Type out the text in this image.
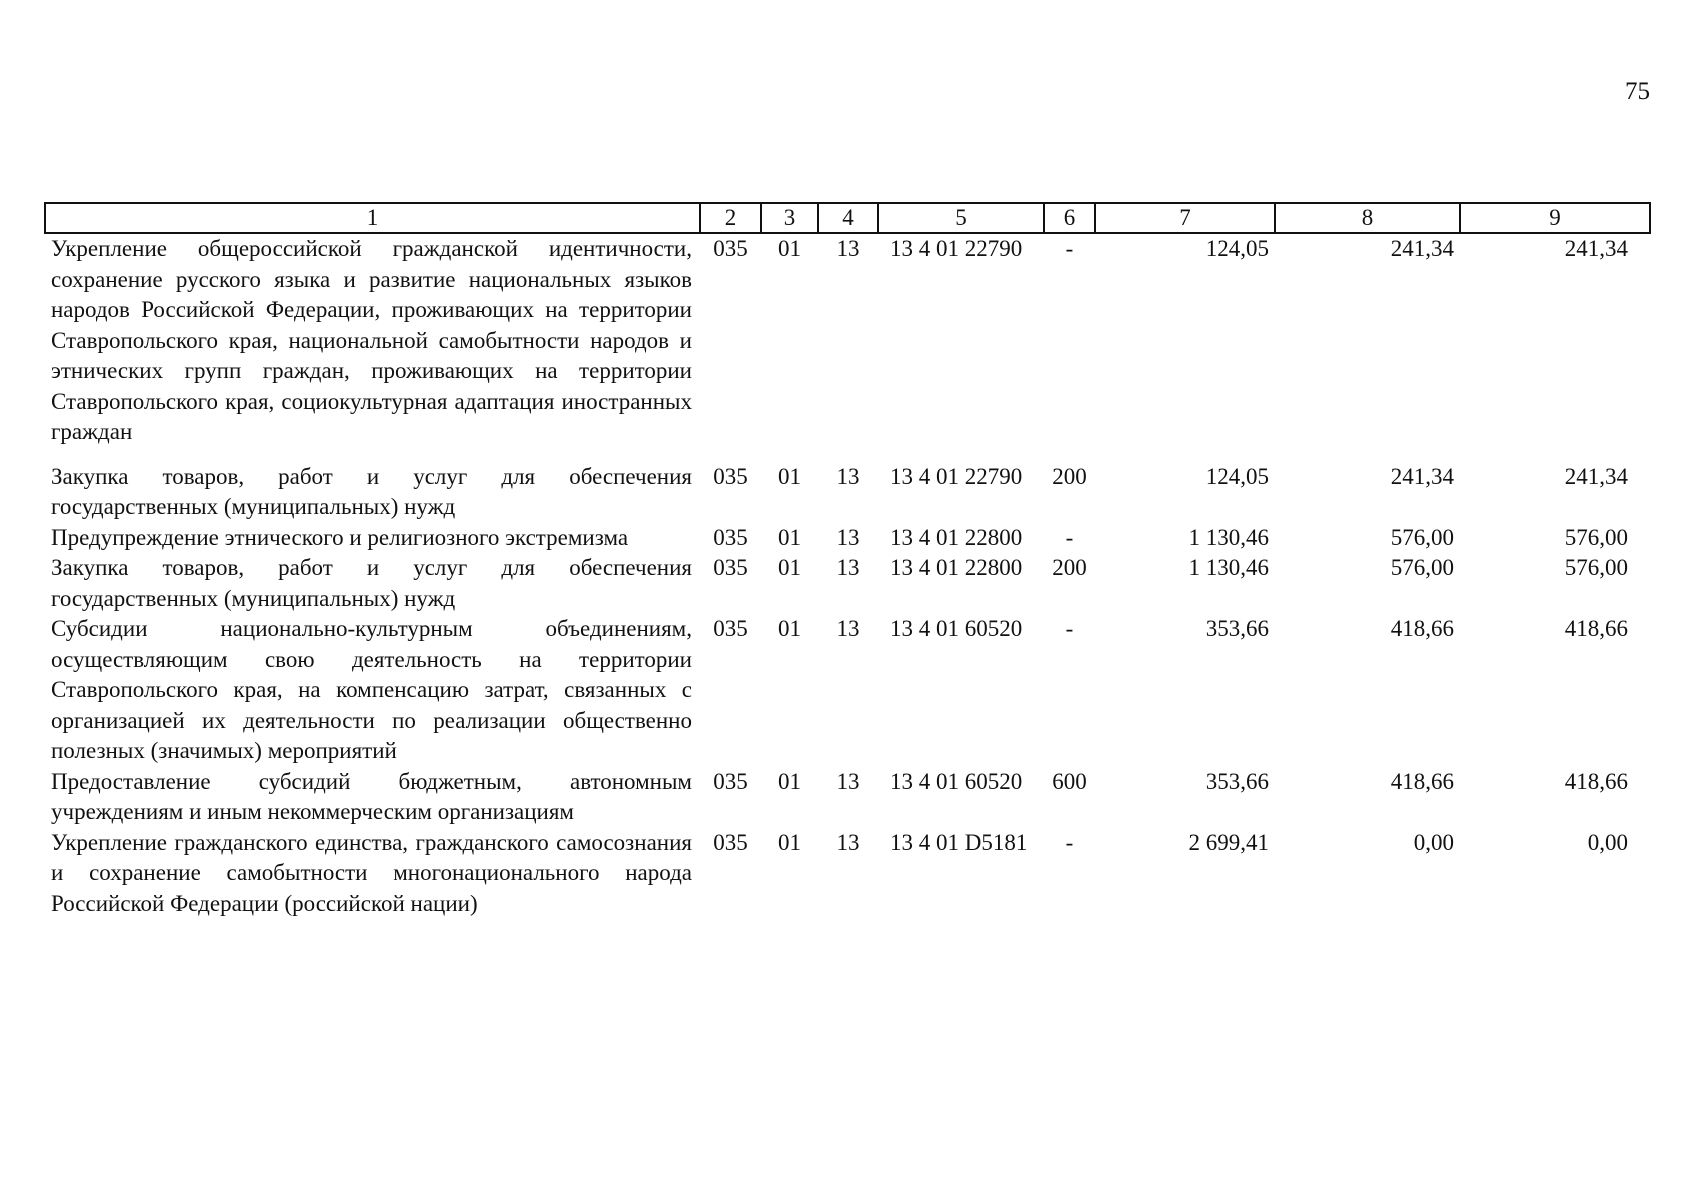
75
1	2	3	4	5	6	7	8	9
Укрепление общероссийской гражданской идентичности, сохранение русского языка и развитие национальных языков народов Российской Федерации, проживающих на территории Ставропольского края, национальной самобытности народов и этнических групп граждан, проживающих на территории Ставропольского края, социокультурная адаптация иностранных граждан	035	01	13	13 4 01 22790	-	124,05	241,34	241,34

Закупка товаров, работ и услуг для обеспечения государственных (муниципальных) нужд	035	01	13	13 4 01 22790	200	124,05	241,34	241,34
Предупреждение этнического и религиозного экстремизма	035	01	13	13 4 01 22800	-	1 130,46	576,00	576,00
Закупка товаров, работ и услуг для обеспечения государственных (муниципальных) нужд	035	01	13	13 4 01 22800	200	1 130,46	576,00	576,00
Субсидии национально-культурным объединениям, осуществляющим свою деятельность на территории Ставропольского края, на компенсацию затрат, связанных с организацией их деятельности по реализации общественно полезных (значимых) мероприятий	035	01	13	13 4 01 60520	-	353,66	418,66	418,66
Предоставление субсидий бюджетным, автономным учреждениям и иным некоммерческим организациям	035	01	13	13 4 01 60520	600	353,66	418,66	418,66
Укрепление гражданского единства, гражданского самосознания и сохранение самобытности многонационального народа Российской Федерации (российской нации)	035	01	13	13 4 01 D5181	-	2 699,41	0,00	0,00
